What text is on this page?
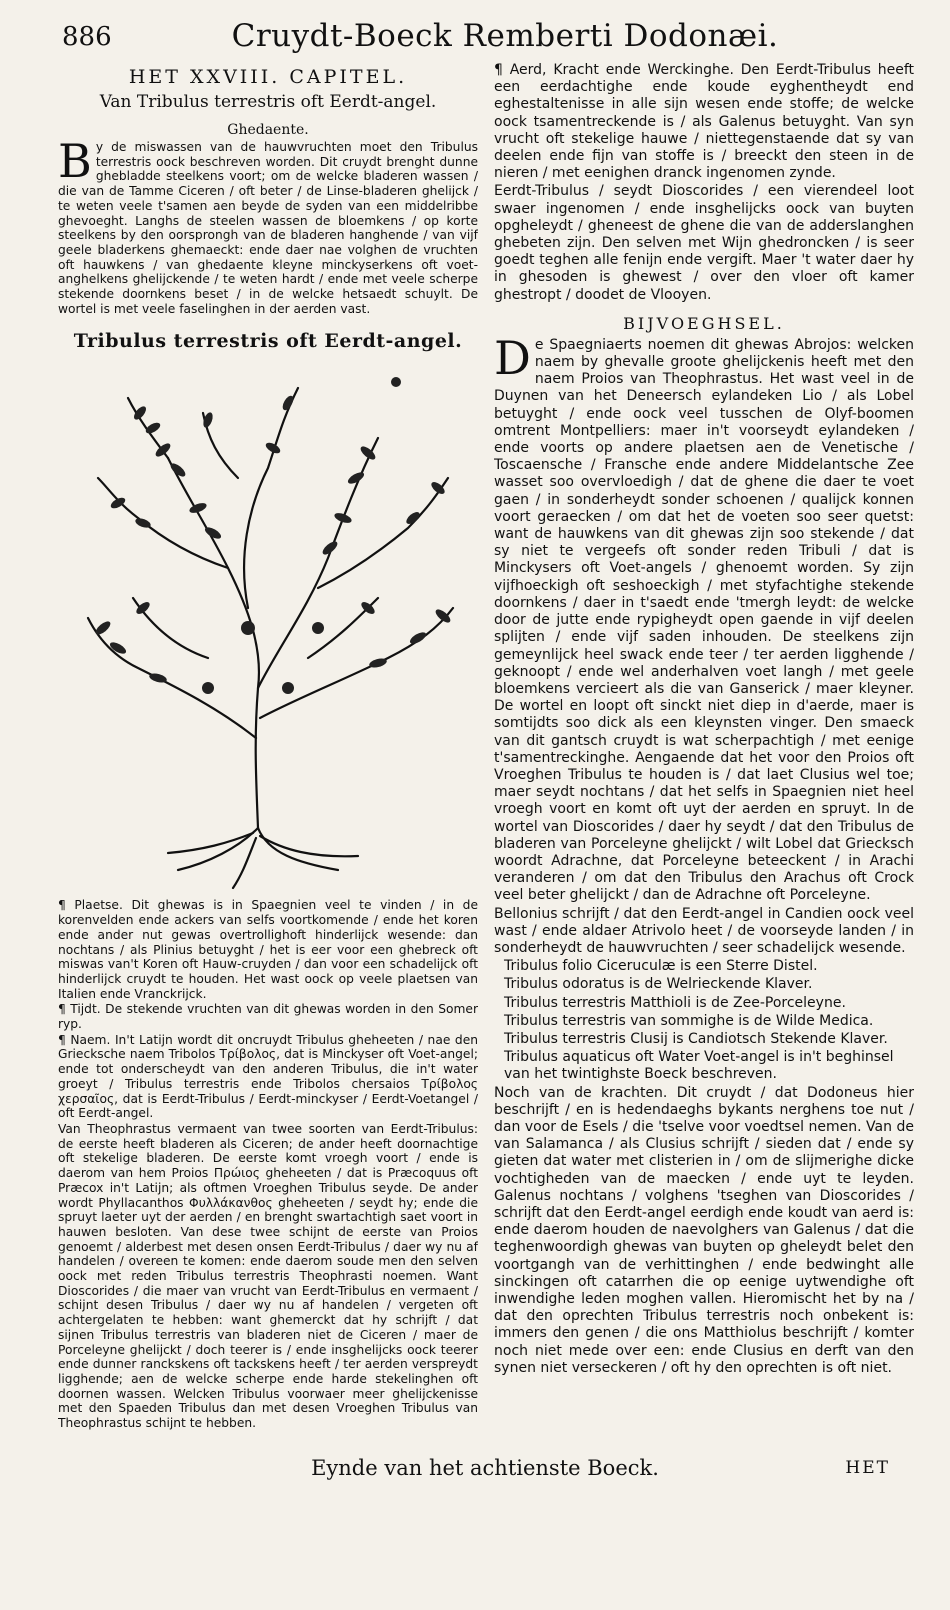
886	Cruydt-Boeck Remberti Dodonæi.
HET XXVIII. CAPITEL.
Van Tribulus terrestris oft Eerdt-angel.
Ghedaente.

By de miswassen van de hauwvruchten moet den Tribulus terrestris oock beschreven worden. Dit cruydt brenght dunne ghebladde steelkens voort; om de welcke bladeren wassen / die van de Tamme Ciceren / oft beter / de Linse-bladeren ghelijck / te weten veele t'samen aen beyde de syden van een middelribbe ghevoeght. Langhs de steelen wassen de bloemkens / op korte steelkens by den oorsprongh van de bladeren hanghende / van vijf geele bladerkens ghemaeckt: ende daer nae volghen de vruchten oft hauwkens / van ghedaente kleyne minckyserkens oft voet-anghelkens ghelijckende / te weten hardt / ende met veele scherpe stekende doornkens beset / in de welcke hetsaedt schuylt. De wortel is met veele faselinghen in der aerden vast.

Tribulus terrestris oft Eerdt-angel.

¶ Plaetse. Dit ghewas is in Spaegnien veel te vinden / in de korenvelden ende ackers van selfs voortkomende / ende het koren ende ander nut gewas overtrollighoft hinderlijck wesende: dan nochtans / als Plinius betuyght / het is eer voor een ghebreck oft miswas van't Koren oft Hauw-cruyden / dan voor een schadelijck oft hinderlijck cruydt te houden. Het wast oock op veele plaetsen van Italien ende Vranckrijck.

¶ Tijdt. De stekende vruchten van dit ghewas worden in den Somer ryp.

¶ Naem. In't Latijn wordt dit oncruydt Tribulus gheheeten / nae den Griecksche naem Tribolos Τρίβολος, dat is Minckyser oft Voet-angel; ende tot onderscheydt van den anderen Tribulus, die in't water groeyt / Tribulus terrestris ende Tribolos chersaios Τρίβολος χερσαῖος, dat is Eerdt-Tribulus / Eerdt-minckyser / Eerdt-Voetangel / oft Eerdt-angel.

Van Theophrastus vermaent van twee soorten van Eerdt-Tribulus: de eerste heeft bladeren als Ciceren; de ander heeft doornachtige oft stekelige bladeren. De eerste komt vroegh voort / ende is daerom van hem Proios Πρώιος gheheeten / dat is Præcoquus oft Præcox in't Latijn; als oftmen Vroeghen Tribulus seyde. De ander wordt Phyllacanthos Φυλλάκανθος gheheeten / seydt hy; ende die spruyt laeter uyt der aerden / en brenght swartachtigh saet voort in hauwen besloten. Van dese twee schijnt de eerste van Proios genoemt / alderbest met desen onsen Eerdt-Tribulus / daer wy nu af handelen / overeen te komen: ende daerom soude men den selven oock met reden Tribulus terrestris Theophrasti noemen. Want Dioscorides / die maer van vrucht van Eerdt-Tribulus en vermaent / schijnt desen Tribulus / daer wy nu af handelen / vergeten oft achtergelaten te hebben: want ghemerckt dat hy schrijft / dat sijnen Tribulus terrestris van bladeren niet de Ciceren / maer de Porceleyne ghelijckt / doch teerer is / ende insghelijcks oock teerer ende dunner ranckskens oft tackskens heeft / ter aerden verspreydt ligghende; aen de welcke scherpe ende harde stekelinghen oft doornen wassen. Welcken Tribulus voorwaer meer ghelijckenisse met den Spaeden Tribulus dan met desen Vroeghen Tribulus van Theophrastus schijnt te hebben.

¶ Aerd, Kracht ende Werckinghe. Den Eerdt-Tribulus heeft een eerdachtighe ende koude eyghentheydt end eghestaltenisse in alle sijn wesen ende stoffe; de welcke oock tsamentreckende is / als Galenus betuyght. Van syn vrucht oft stekelige hauwe / niettegenstaende dat sy van deelen ende fijn van stoffe is / breeckt den steen in de nieren / met eenighen dranck ingenomen zynde.

Eerdt-Tribulus / seydt Dioscorides / een vierendeel loot swaer ingenomen / ende insghelijcks oock van buyten opgheleydt / gheneest de ghene die van de adderslanghen ghebeten zijn. Den selven met Wijn ghedroncken / is seer goedt teghen alle fenijn ende vergift. Maer 't water daer hy in ghesoden is ghewest / over den vloer oft kamer ghestropt / doodet de Vlooyen.

BIJVOEGHSEL.

De Spaegniaerts noemen dit ghewas Abrojos: welcken naem by ghevalle groote ghelijckenis heeft met den naem Proios van Theophrastus. Het wast veel in de Duynen van het Deneersch eylandeken Lio / als Lobel betuyght / ende oock veel tusschen de Olyf-boomen omtrent Montpelliers: maer in't voorseydt eylandeken / ende voorts op andere plaetsen aen de Venetische / Toscaensche / Fransche ende andere Middelantsche Zee wasset soo overvloedigh / dat de ghene die daer te voet gaen / in sonderheydt sonder schoenen / qualijck konnen voort geraecken / om dat het de voeten soo seer quetst: want de hauwkens van dit ghewas zijn soo stekende / dat sy niet te vergeefs oft sonder reden Tribuli / dat is Minckysers oft Voet-angels / ghenoemt worden. Sy zijn vijfhoeckigh oft seshoeckigh / met styfachtighe stekende doornkens / daer in t'saedt ende 'tmergh leydt: de welcke door de jutte ende rypigheydt open gaende in vijf deelen splijten / ende vijf saden inhouden. De steelkens zijn gemeynlijck heel swack ende teer / ter aerden ligghende / geknoopt / ende wel anderhalven voet langh / met geele bloemkens vercieert als die van Ganserick / maer kleyner. De wortel en loopt oft sinckt niet diep in d'aerde, maer is somtijdts soo dick als een kleynsten vinger. Den smaeck van dit gantsch cruydt is wat scherpachtigh / met eenige t'samentreckinghe. Aengaende dat het voor den Proios oft Vroeghen Tribulus te houden is / dat laet Clusius wel toe; maer seydt nochtans / dat het selfs in Spaegnien niet heel vroegh voort en komt oft uyt der aerden en spruyt. In de wortel van Dioscorides / daer hy seydt / dat den Tribulus de bladeren van Porceleyne ghelijckt / wilt Lobel dat Griecksch woordt Adrachne, dat Porceleyne beteeckent / in Arachi veranderen / om dat den Tribulus den Arachus oft Crock veel beter ghelijckt / dan de Adrachne oft Porceleyne.

Bellonius schrijft / dat den Eerdt-angel in Candien oock veel wast / ende aldaer Atrivolo heet / de voorseyde landen / in sonderheydt de hauwvruchten / seer schadelijck wesende.

Tribulus folio Ciceruculæ is een Sterre Distel.

Tribulus odoratus is de Welrieckende Klaver.

Tribulus terrestris Matthioli is de Zee-Porceleyne.

Tribulus terrestris van sommighe is de Wilde Medica.

Tribulus terrestris Clusij is Candiotsch Stekende Klaver.

Tribulus aquaticus oft Water Voet-angel is in't beghinsel van het twintighste Boeck beschreven.

Noch van de krachten. Dit cruydt / dat Dodoneus hier beschrijft / en is hedendaeghs bykants nerghens toe nut / dan voor de Esels / die 'tselve voor voedtsel nemen. Van de van Salamanca / als Clusius schrijft / sieden dat / ende sy gieten dat water met clisterien in / om de slijmerighe dicke vochtigheden van de maecken / ende uyt te leyden. Galenus nochtans / volghens 'tseghen van Dioscorides / schrijft dat den Eerdt-angel eerdigh ende koudt van aerd is: ende daerom houden de naevolghers van Galenus / dat die teghenwoordigh ghewas van buyten op gheleydt belet den voortgangh van de verhittinghen / ende bedwinght alle sinckingen oft catarrhen die op eenige uytwendighe oft inwendighe leden moghen vallen. Hieromischt het by na / dat den oprechten Tribulus terrestris noch onbekent is: immers den genen / die ons Matthiolus beschrijft / komter noch niet mede over een: ende Clusius en derft van den synen niet verseckeren / oft hy den oprechten is oft niet.

Eynde van het achtienste Boeck.	HET
